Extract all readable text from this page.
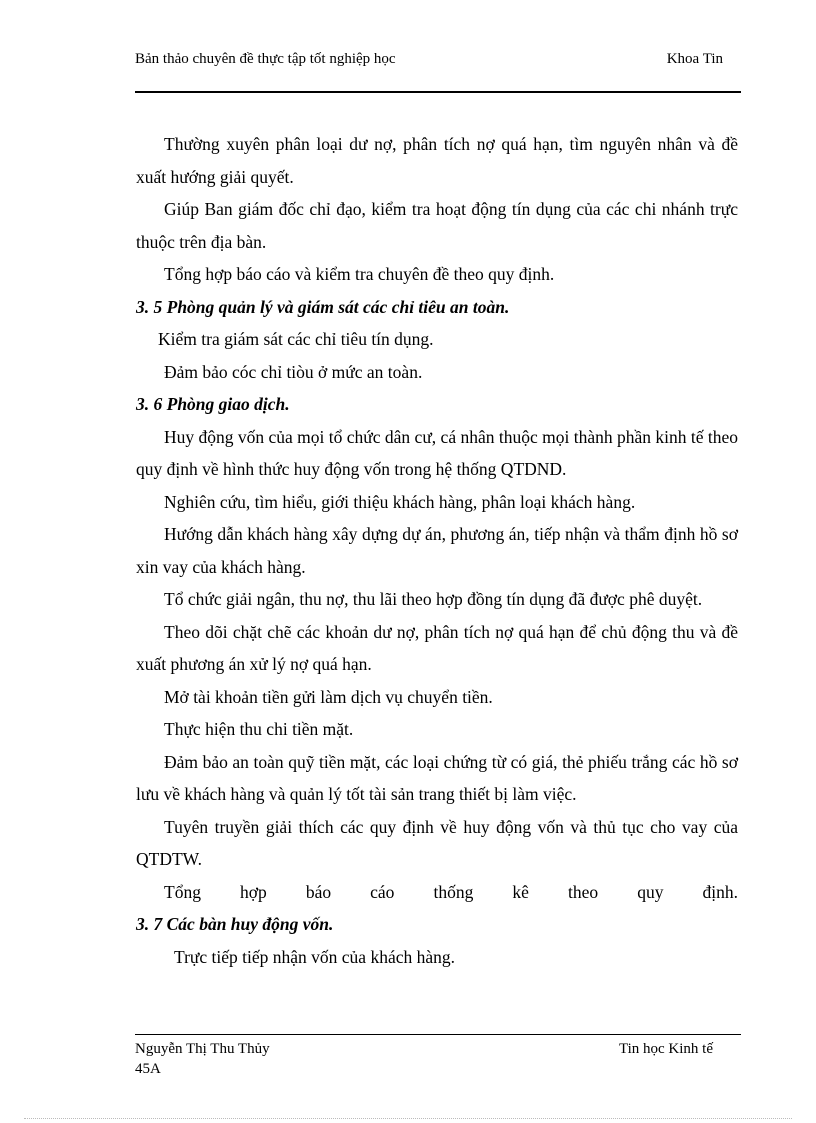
Bản thảo chuyên đề thực tập tốt nghiệp học	Khoa Tin

Thường xuyên phân loại dư nợ, phân tích nợ quá hạn, tìm nguyên nhân và đề xuất hướng giải quyết.

Giúp Ban giám đốc chỉ đạo, kiểm tra hoạt động tín dụng của các chi nhánh trực thuộc trên địa bàn.

Tổng hợp báo cáo và kiểm tra chuyên đề theo quy định.

3. 5 Phòng quản lý và giám sát các chỉ tiêu an toàn.

Kiểm tra giám sát các chỉ tiêu tín dụng.

Đảm bảo cóc chỉ tiòu ở mức an toàn.

3. 6 Phòng giao dịch.

Huy động vốn của mọi tổ chức dân cư, cá nhân thuộc mọi thành phần kinh tế theo quy định về hình thức huy động vốn trong hệ thống QTDND.

Nghiên cứu, tìm hiểu, giới thiệu khách hàng, phân loại khách hàng.

Hướng dẫn khách hàng xây dựng dự án, phương án, tiếp nhận và thẩm định hồ sơ xin vay của khách hàng.

Tổ chức giải ngân, thu nợ, thu lãi theo hợp đồng tín dụng đã được phê duyệt.

Theo dõi chặt chẽ các khoản dư nợ, phân tích nợ quá hạn để chủ động thu và đề xuất phương án xử lý nợ quá hạn.

Mở tài khoản tiền gửi làm dịch vụ chuyển tiền.

Thực hiện thu chi tiền mặt.

Đảm bảo an toàn quỹ tiền mặt, các loại chứng từ có giá, thẻ phiếu trắng các hồ sơ lưu về khách hàng và quản lý tốt tài sản trang thiết bị làm việc.

Tuyên truyền giải thích các quy định về huy động vốn và thủ tục cho vay của QTDTW.

Tổng hợp báo cáo thống kê theo quy định.

3. 7 Các bàn huy động vốn.

Trực tiếp tiếp nhận vốn của khách hàng.

Nguyễn Thị Thu Thủy 45A
Tin học Kinh tế
